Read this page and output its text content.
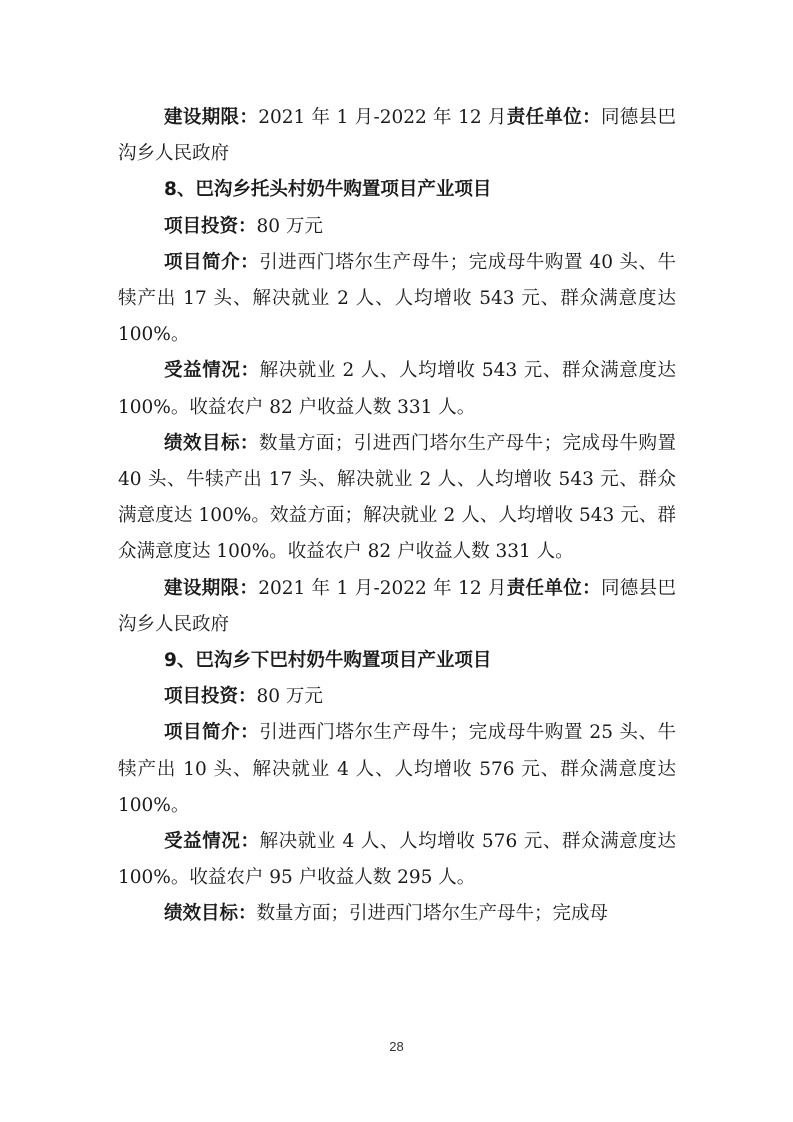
建设期限：2021 年 1 月-2022 年 12 月责任单位：同德县巴沟乡人民政府

8、巴沟乡托头村奶牛购置项目产业项目

项目投资：80 万元

项目简介：引进西门塔尔生产母牛；完成母牛购置 40 头、牛犊产出 17 头、解决就业 2 人、人均增收 543 元、群众满意度达 100%。

受益情况：解决就业 2 人、人均增收 543 元、群众满意度达 100%。收益农户 82 户收益人数 331 人。

绩效目标：数量方面；引进西门塔尔生产母牛；完成母牛购置 40 头、牛犊产出 17 头、解决就业 2 人、人均增收 543 元、群众满意度达 100%。效益方面；解决就业 2 人、人均增收 543 元、群众满意度达 100%。收益农户 82 户收益人数 331 人。

建设期限：2021 年 1 月-2022 年 12 月责任单位：同德县巴沟乡人民政府

9、巴沟乡下巴村奶牛购置项目产业项目

项目投资：80 万元

项目简介：引进西门塔尔生产母牛；完成母牛购置 25 头、牛犊产出 10 头、解决就业 4 人、人均增收 576 元、群众满意度达 100%。

受益情况：解决就业 4 人、人均增收 576 元、群众满意度达 100%。收益农户 95 户收益人数 295 人。

绩效目标：数量方面；引进西门塔尔生产母牛；完成母

28
